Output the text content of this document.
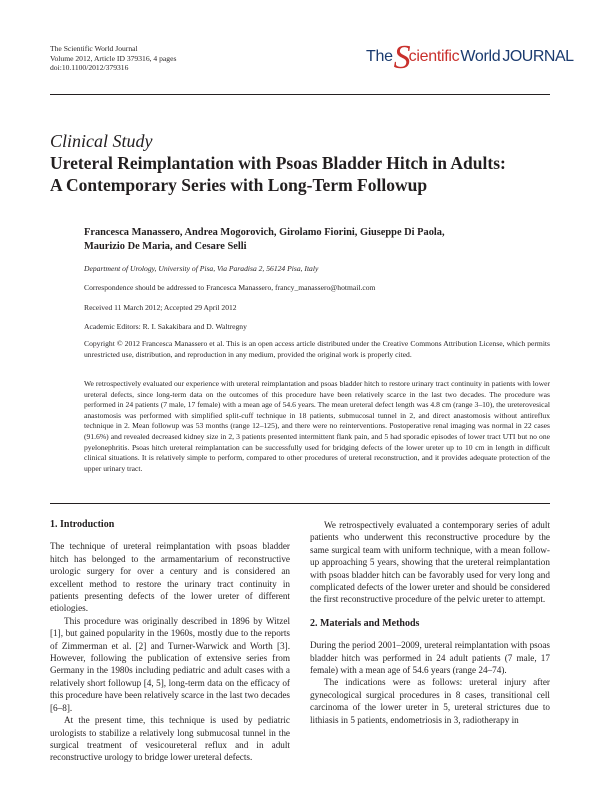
The Scientific World Journal
Volume 2012, Article ID 379316, 4 pages
doi:10.1100/2012/379316
The S
cientific World JOURNAL
Clinical Study
Ureteral Reimplantation with Psoas Bladder Hitch in Adults:
A Contemporary Series with Long-Term Followup
Francesca Manassero, Andrea Mogorovich, Girolamo Fiorini, Giuseppe Di Paola,
Maurizio De Maria, and Cesare Selli
Department of Urology, University of Pisa, Via Paradisa 2, 56124 Pisa, Italy
Correspondence should be addressed to Francesca Manassero, francy_manassero@hotmail.com
Received 11 March 2012; Accepted 29 April 2012
Academic Editors: R. I. Sakakibara and D. Waltregny
Copyright © 2012 Francesca Manassero et al. This is an open access article distributed under the Creative Commons Attribution License, which permits unrestricted use, distribution, and reproduction in any medium, provided the original work is properly cited.
We retrospectively evaluated our experience with ureteral reimplantation and psoas bladder hitch to restore urinary tract continuity in patients with lower ureteral defects, since long-term data on the outcomes of this procedure have been relatively scarce in the last two decades. The procedure was performed in 24 patients (7 male, 17 female) with a mean age of 54.6 years. The mean ureteral defect length was 4.8 cm (range 3–10), the ureterovesical anastomosis was performed with simplified split-cuff technique in 18 patients, submucosal tunnel in 2, and direct anastomosis without antireflux technique in 2. Mean followup was 53 months (range 12–125), and there were no reinterventions. Postoperative renal imaging was normal in 22 cases (91.6%) and revealed decreased kidney size in 2, 3 patients presented intermittent flank pain, and 5 had sporadic episodes of lower tract UTI but no one pyelonephritis. Psoas hitch ureteral reimplantation can be successfully used for bridging defects of the lower ureter up to 10 cm in length in difficult clinical situations. It is relatively simple to perform, compared to other procedures of ureteral reconstruction, and it provides adequate protection of the upper urinary tract.
1. Introduction

The technique of ureteral reimplantation with psoas bladder hitch has belonged to the armamentarium of reconstructive urologic surgery for over a century and is considered an excellent method to restore the urinary tract continuity in patients presenting defects of the lower ureter of different etiologies.

This procedure was originally described in 1896 by Witzel [1], but gained popularity in the 1960s, mostly due to the reports of Zimmerman et al. [2] and Turner-Warwick and Worth [3]. However, following the publication of extensive series from Germany in the 1980s including pediatric and adult cases with a relatively short followup [4, 5], long-term data on the efficacy of this procedure have been relatively scarce in the last two decades [6–8].

At the present time, this technique is used by pediatric urologists to stabilize a relatively long submucosal tunnel in the surgical treatment of vesicoureteral reflux and in adult reconstructive urology to bridge lower ureteral defects.

We retrospectively evaluated a contemporary series of adult patients who underwent this reconstructive procedure by the same surgical team with uniform technique, with a mean follow-up approaching 5 years, showing that the ureteral reimplantation with psoas bladder hitch can be favorably used for very long and complicated defects of the lower ureter and should be considered the first reconstructive procedure of the pelvic ureter to attempt.

2. Materials and Methods

During the period 2001–2009, ureteral reimplantation with psoas bladder hitch was performed in 24 adult patients (7 male, 17 female) with a mean age of 54.6 years (range 24–74).

The indications were as follows: ureteral injury after gynecological surgical procedures in 8 cases, transitional cell carcinoma of the lower ureter in 5, ureteral strictures due to lithiasis in 5 patients, endometriosis in 3, radiotherapy in
